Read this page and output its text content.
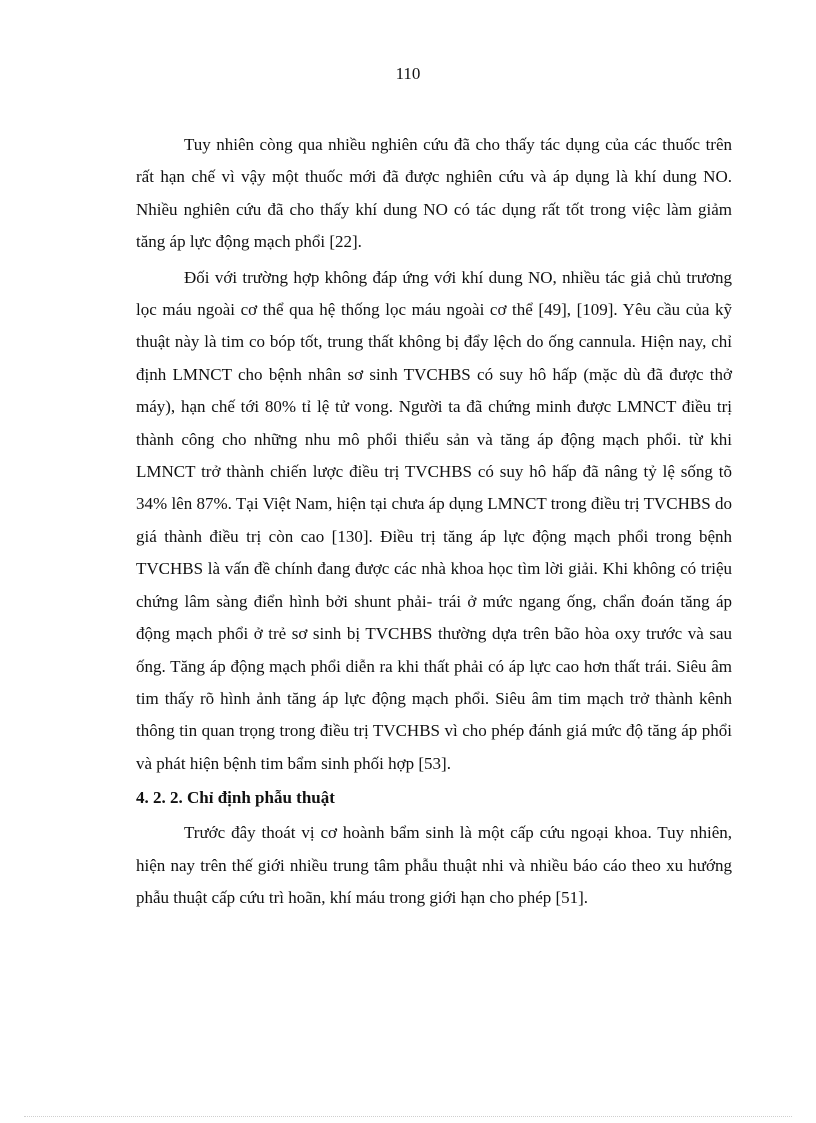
110

Tuy nhiên còng qua nhiều nghiên cứu đã cho thấy tác dụng của các thuốc trên rất hạn chế vì vậy một thuốc mới đã được nghiên cứu và áp dụng là khí dung NO. Nhiều nghiên cứu đã cho thấy khí dung NO có tác dụng rất tốt trong việc làm giảm tăng áp lực động mạch phổi [22].

Đối với trường hợp không đáp ứng với khí dung NO, nhiều tác giả chủ trương lọc máu ngoài cơ thể qua hệ thống lọc máu ngoài cơ thể [49], [109]. Yêu cầu của kỹ thuật này là tim co bóp tốt, trung thất không bị đẩy lệch do ống cannula. Hiện nay, chỉ định LMNCT cho bệnh nhân sơ sinh TVCHBS có suy hô hấp (mặc dù đã được thở máy), hạn chế tới 80% tỉ lệ tử vong. Người ta đã chứng minh được LMNCT điều trị thành công cho những nhu mô phổi thiểu sản và tăng áp động mạch phổi. từ khi LMNCT trở thành chiến lược điều trị TVCHBS có suy hô hấp đã nâng tỷ lệ sống tõ 34% lên 87%. Tại Việt Nam, hiện tại chưa áp dụng LMNCT trong điều trị TVCHBS do giá thành điều trị còn cao [130]. Điều trị tăng áp lực động mạch phổi trong bệnh TVCHBS là vấn đề chính đang được các nhà khoa học tìm lời giải. Khi không có triệu chứng lâm sàng điển hình bởi shunt phải- trái ở mức ngang ống, chẩn đoán tăng áp động mạch phổi ở trẻ sơ sinh bị TVCHBS thường dựa trên bão hòa oxy trước và sau ống. Tăng áp động mạch phổi diễn ra khi thất phải có áp lực cao hơn thất trái. Siêu âm tim thấy rõ hình ảnh tăng áp lực động mạch phổi. Siêu âm tim mạch trở thành kênh thông tin quan trọng trong điều trị TVCHBS vì cho phép đánh giá mức độ tăng áp phổi và phát hiện bệnh tim bẩm sinh phối hợp [53].

4. 2. 2. Chỉ định phẫu thuật

Trước đây thoát vị cơ hoành bẩm sinh là một cấp cứu ngoại khoa. Tuy nhiên, hiện nay trên thế giới nhiều trung tâm phẫu thuật nhi và nhiều báo cáo theo xu hướng phẫu thuật cấp cứu trì hoãn, khí máu trong giới hạn cho phép [51].
